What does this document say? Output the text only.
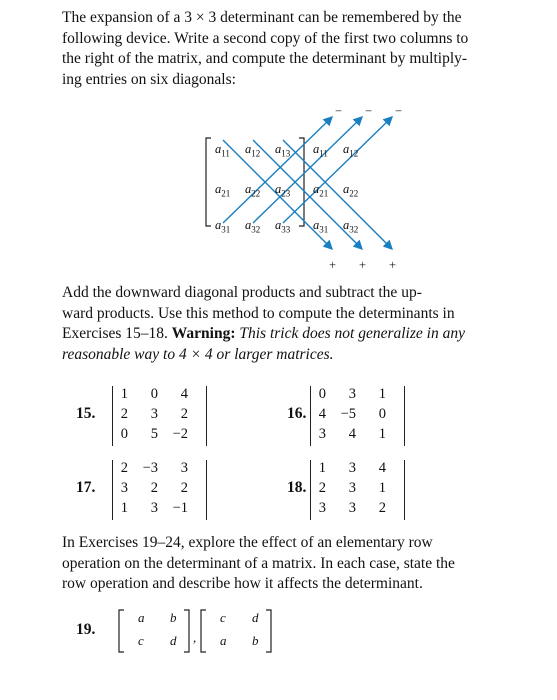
The expansion of a 3 × 3 determinant can be remembered by the
following device. Write a second copy of the first two columns to
the right of the matrix, and compute the determinant by multiply-
ing entries on six diagonals:
− − −
+ + +
$a_{11}$ $a_{12}$ $a_{13}$ $a_{11}$ $a_{12}$
$a_{21}$ $a_{22}$ $a_{23}$ $a_{21}$ $a_{22}$
$a_{31}$ $a_{32}$ $a_{33}$ $a_{31}$ $a_{32}$
Add the downward diagonal products and subtract the up-
ward products. Use this method to compute the determinants in
Exercises 15–18. Warning: This trick does not generalize in any
reasonable way to 4 × 4 or larger matrices.
15.
1	0	4
2	3	2
0	5	−2
16.
0	3	1
4	−5	0
3	4	1
17.
2	−3	3
3	2	2
1	3	−1
18.
1	3	4
2	3	1
3	3	2
In Exercises 19–24, explore the effect of an elementary row
operation on the determinant of a matrix. In each case, state the
row operation and describe how it affects the determinant.
19.
a b
c d ,
c d
a b
